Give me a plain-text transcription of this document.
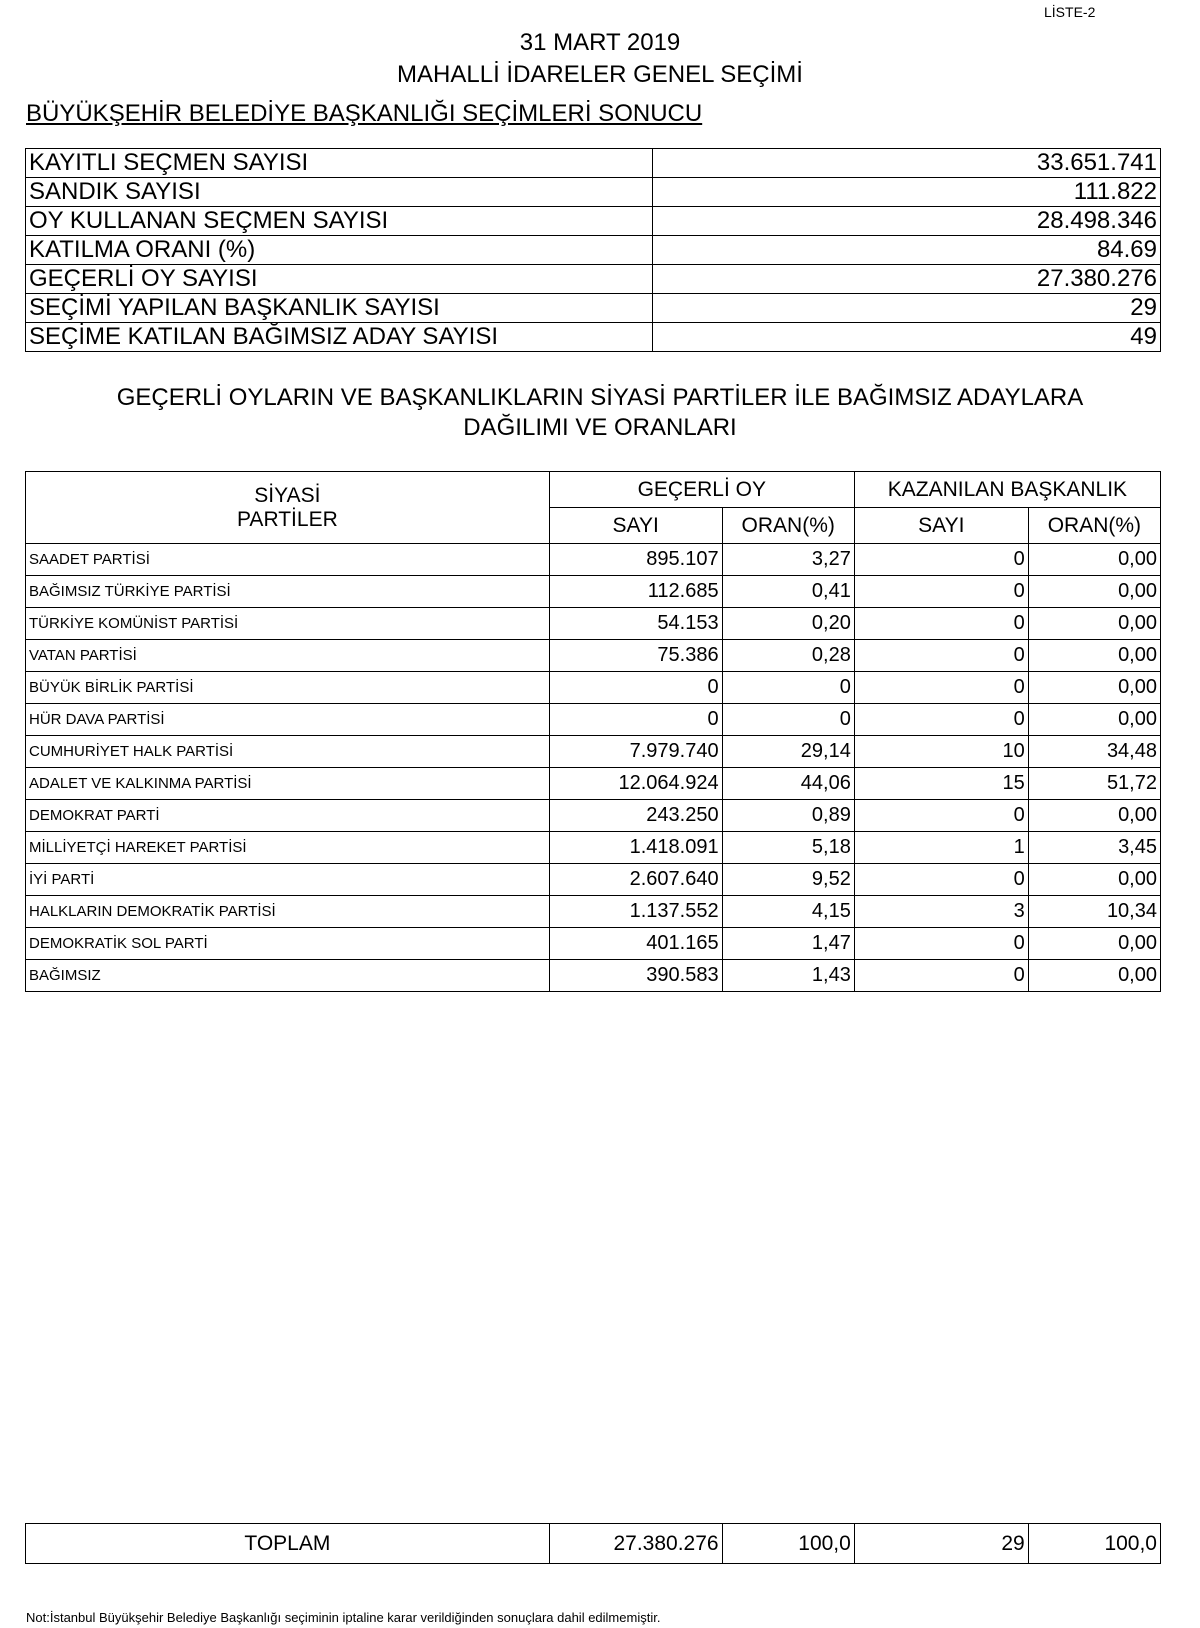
LİSTE-2
31 MART 2019
MAHALLİ İDARELER GENEL SEÇİMİ
BÜYÜKŞEHİR BELEDİYE BAŞKANLIĞI SEÇİMLERİ SONUCU
KAYITLI SEÇMEN SAYISI	33.651.741
SANDIK SAYISI	111.822
OY KULLANAN SEÇMEN SAYISI	28.498.346
KATILMA ORANI (%)	84.69
GEÇERLİ OY SAYISI	27.380.276
SEÇİMİ YAPILAN BAŞKANLIK SAYISI	29
SEÇİME KATILAN BAĞIMSIZ ADAY SAYISI	49
GEÇERLİ OYLARIN VE BAŞKANLIKLARIN SİYASİ PARTİLER İLE BAĞIMSIZ ADAYLARA
DAĞILIMI VE ORANLARI
SİYASİ
PARTİLER	GEÇERLİ OY		KAZANILAN BAŞKANLIK	
	SAYI	ORAN(%)	SAYI	ORAN(%)
SAADET PARTİSİ	895.107	3,27	0	0,00
BAĞIMSIZ TÜRKİYE PARTİSİ	112.685	0,41	0	0,00
TÜRKİYE KOMÜNİST PARTİSİ	54.153	0,20	0	0,00
VATAN PARTİSİ	75.386	0,28	0	0,00
BÜYÜK BİRLİK PARTİSİ	0	0	0	0,00
HÜR DAVA PARTİSİ	0	0	0	0,00
CUMHURİYET HALK PARTİSİ	7.979.740	29,14	10	34,48
ADALET VE KALKINMA PARTİSİ	12.064.924	44,06	15	51,72
DEMOKRAT PARTİ	243.250	0,89	0	0,00
MİLLİYETÇİ HAREKET PARTİSİ	1.418.091	5,18	1	3,45
İYİ PARTİ	2.607.640	9,52	0	0,00
HALKLARIN DEMOKRATİK PARTİSİ	1.137.552	4,15	3	10,34
DEMOKRATİK SOL PARTİ	401.165	1,47	0	0,00
BAĞIMSIZ	390.583	1,43	0	0,00

TOPLAM	27.380.276	100,0	29	100,0
Not:İstanbul Büyükşehir Belediye Başkanlığı seçiminin iptaline karar verildiğinden sonuçlara dahil edilmemiştir.
